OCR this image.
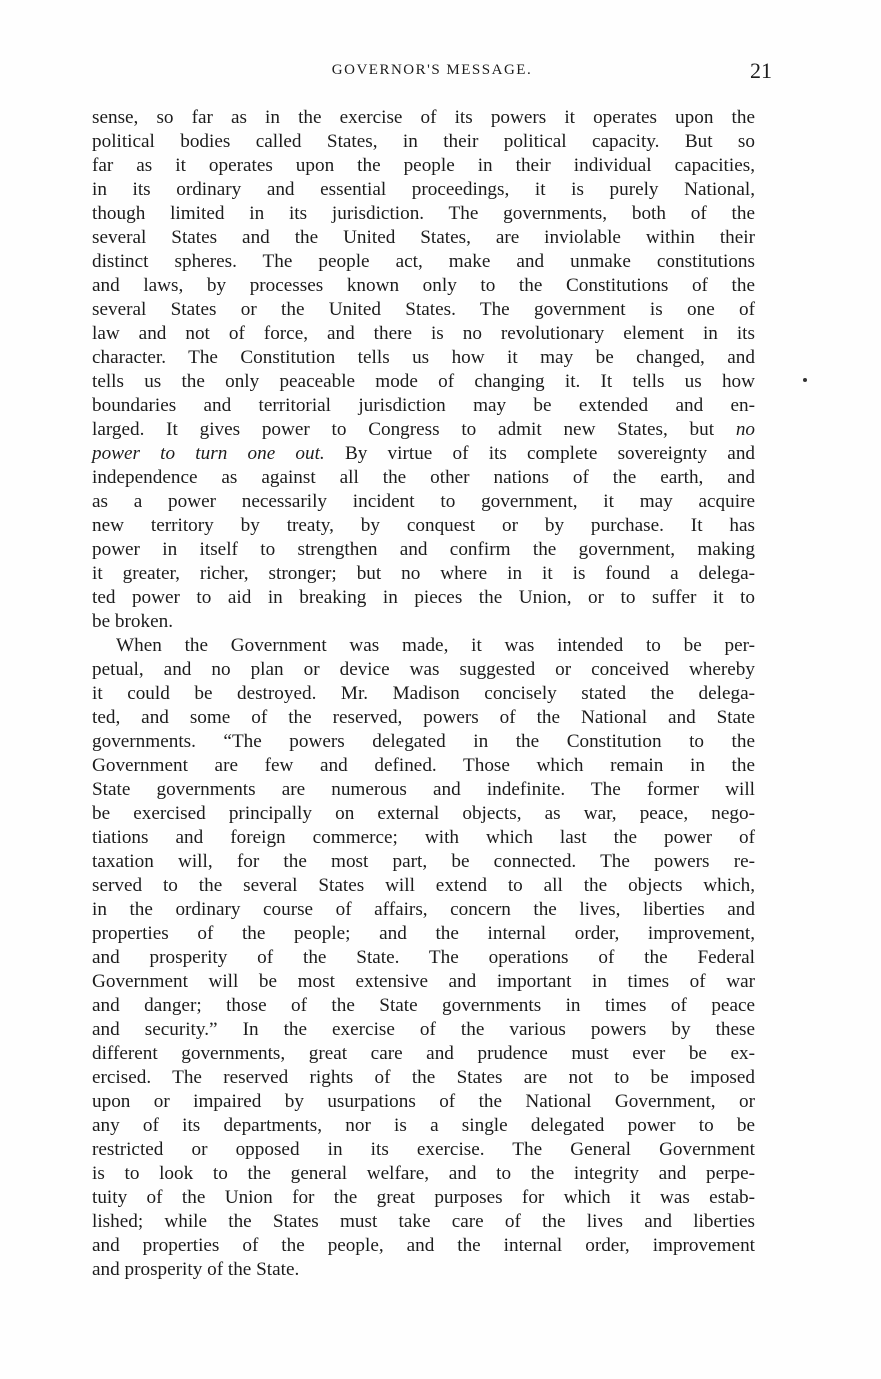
GOVERNOR'S MESSAGE.	21
sense, so far as in the exercise of its powers it operates upon the
political bodies called States, in their political capacity. But so
far as it operates upon the people in their individual capacities,
in its ordinary and essential proceedings, it is purely National,
though limited in its jurisdiction. The governments, both of the
several States and the United States, are inviolable within their
distinct spheres. The people act, make and unmake constitutions
and laws, by processes known only to the Constitutions of the
several States or the United States. The government is one of
law and not of force, and there is no revolutionary element in its
character. The Constitution tells us how it may be changed, and
tells us the only peaceable mode of changing it. It tells us how
boundaries and territorial jurisdiction may be extended and en-
larged. It gives power to Congress to admit new States, but no
power to turn one out. By virtue of its complete sovereignty and
independence as against all the other nations of the earth, and
as a power necessarily incident to government, it may acquire
new territory by treaty, by conquest or by purchase. It has
power in itself to strengthen and confirm the government, making
it greater, richer, stronger; but no where in it is found a delega-
ted power to aid in breaking in pieces the Union, or to suffer it to
be broken.
When the Government was made, it was intended to be per-
petual, and no plan or device was suggested or conceived whereby
it could be destroyed. Mr. Madison concisely stated the delega-
ted, and some of the reserved, powers of the National and State
governments. “The powers delegated in the Constitution to the
Government are few and defined. Those which remain in the
State governments are numerous and indefinite. The former will
be exercised principally on external objects, as war, peace, nego-
tiations and foreign commerce; with which last the power of
taxation will, for the most part, be connected. The powers re-
served to the several States will extend to all the objects which,
in the ordinary course of affairs, concern the lives, liberties and
properties of the people; and the internal order, improvement,
and prosperity of the State. The operations of the Federal
Government will be most extensive and important in times of war
and danger; those of the State governments in times of peace
and security.” In the exercise of the various powers by these
different governments, great care and prudence must ever be ex-
ercised. The reserved rights of the States are not to be imposed
upon or impaired by usurpations of the National Government, or
any of its departments, nor is a single delegated power to be
restricted or opposed in its exercise. The General Government
is to look to the general welfare, and to the integrity and perpe-
tuity of the Union for the great purposes for which it was estab-
lished; while the States must take care of the lives and liberties
and properties of the people, and the internal order, improvement
and prosperity of the State.
